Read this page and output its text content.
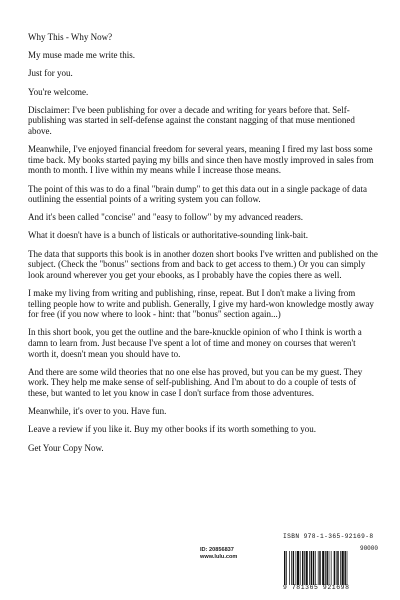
Why This - Why Now?

My muse made me write this.

Just for you.

You're welcome.

Disclaimer: I've been publishing for over a decade and writing for years before that. Self-publishing was started in self-defense against the constant nagging of that muse mentioned above.

Meanwhile, I've enjoyed financial freedom for several years, meaning I fired my last boss some time back. My books started paying my bills and since then have mostly improved in sales from month to month. I live within my means while I increase those means.

The point of this was to do a final "brain dump" to get this data out in a single package of data outlining the essential points of a writing system you can follow.

And it's been called "concise" and "easy to follow" by my advanced readers.

What it doesn't have is a bunch of listicals or authoritative-sounding link-bait.

The data that supports this book is in another dozen short books I've written and published on the subject. (Check the "bonus" sections from and back to get access to them.) Or you can simply look around wherever you get your ebooks, as I probably have the copies there as well.

I make my living from writing and publishing, rinse, repeat. But I don't make a living from telling people how to write and publish. Generally, I give my hard-won knowledge mostly away for free (if you now where to look - hint: that "bonus" section again...)

In this short book, you get the outline and the bare-knuckle opinion of who I think is worth a damn to learn from. Just because I've spent a lot of time and money on courses that weren't worth it, doesn't mean you should have to.

And there are some wild theories that no one else has proved, but you can be my guest. They work. They help me make sense of self-publishing. And I'm about to do a couple of tests of these, but wanted to let you know in case I don't surface from those adventures.

Meanwhile, it's over to you. Have fun.

Leave a review if you like it. Buy my other books if its worth something to you.

Get Your Copy Now.

ID: 20856837
www.lulu.com
ISBN 978-1-365-92169-8
90000
9 781365 921698
